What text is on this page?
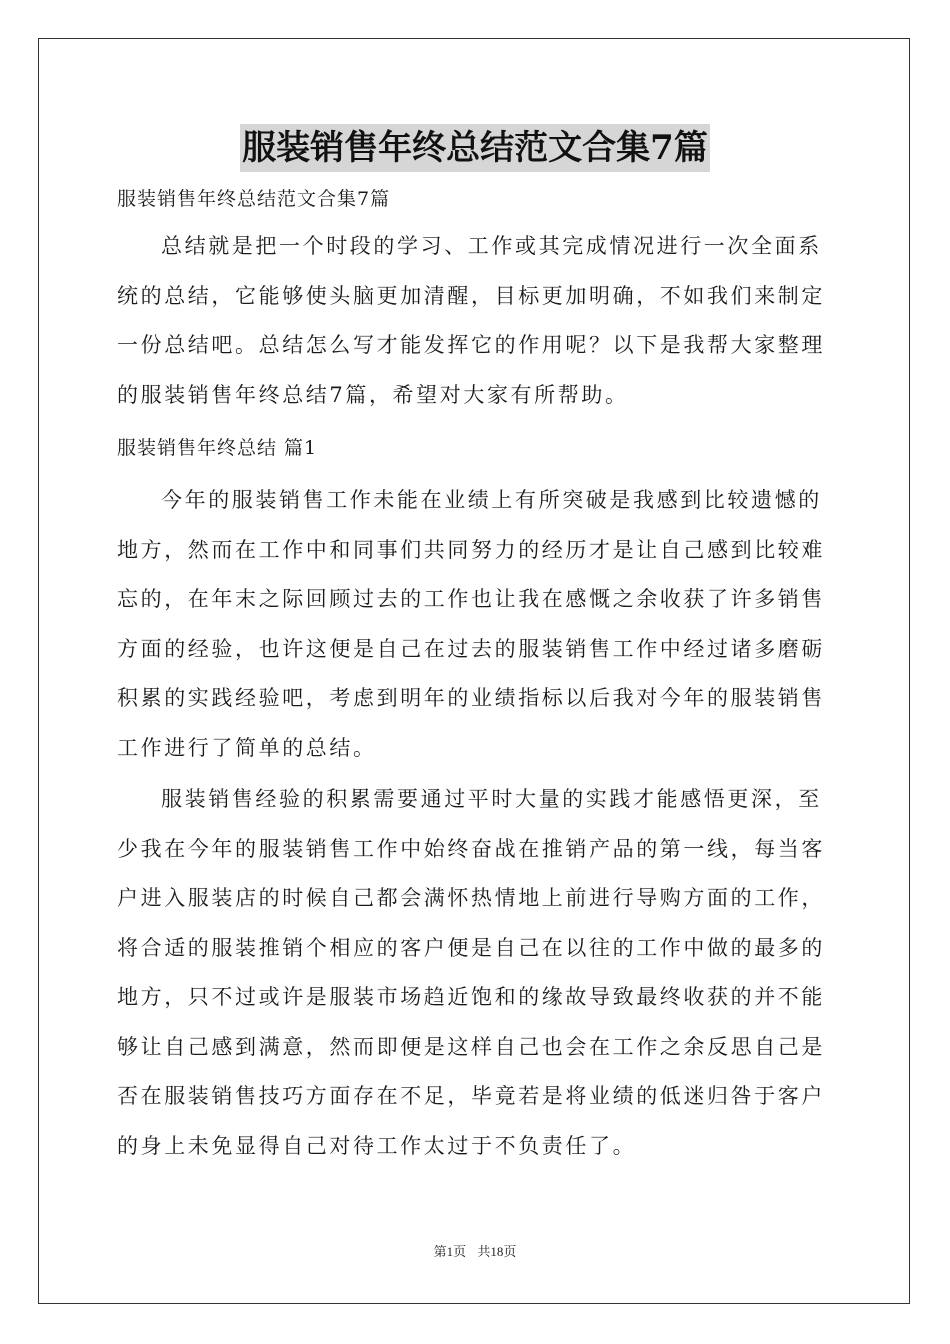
服装销售年终总结范文合集7篇

服装销售年终总结范文合集7篇

总结就是把一个时段的学习、工作或其完成情况进行一次全面系
统的总结，它能够使头脑更加清醒，目标更加明确，不如我们来制定
一份总结吧。总结怎么写才能发挥它的作用呢？以下是我帮大家整理
的服装销售年终总结7篇，希望对大家有所帮助。

服装销售年终总结 篇1

今年的服装销售工作未能在业绩上有所突破是我感到比较遗憾的
地方，然而在工作中和同事们共同努力的经历才是让自己感到比较难
忘的，在年末之际回顾过去的工作也让我在感慨之余收获了许多销售
方面的经验，也许这便是自己在过去的服装销售工作中经过诸多磨砺
积累的实践经验吧，考虑到明年的业绩指标以后我对今年的服装销售
工作进行了简单的总结。
服装销售经验的积累需要通过平时大量的实践才能感悟更深，至
少我在今年的服装销售工作中始终奋战在推销产品的第一线，每当客
户进入服装店的时候自己都会满怀热情地上前进行导购方面的工作，
将合适的服装推销个相应的客户便是自己在以往的工作中做的最多的
地方，只不过或许是服装市场趋近饱和的缘故导致最终收获的并不能
够让自己感到满意，然而即便是这样自己也会在工作之余反思自己是
否在服装销售技巧方面存在不足，毕竟若是将业绩的低迷归咎于客户
的身上未免显得自己对待工作太过于不负责任了。
第1页 共18页
